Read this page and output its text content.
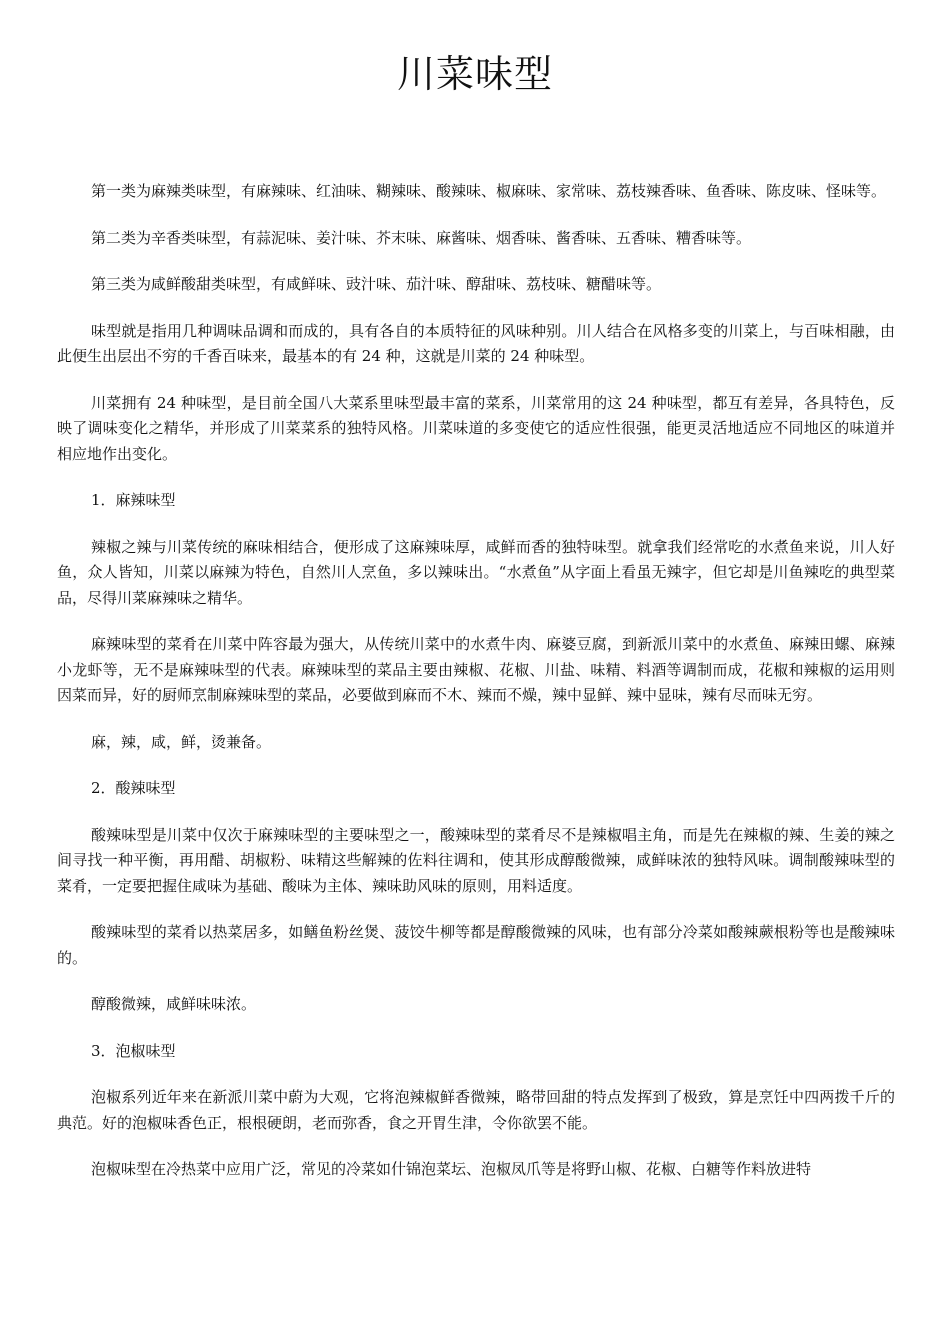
川菜味型

第一类为麻辣类味型，有麻辣味、红油味、糊辣味、酸辣味、椒麻味、家常味、荔枝辣香味、鱼香味、陈皮味、怪味等。

第二类为辛香类味型，有蒜泥味、姜汁味、芥末味、麻酱味、烟香味、酱香味、五香味、糟香味等。

第三类为咸鲜酸甜类味型，有咸鲜味、豉汁味、茄汁味、醇甜味、荔枝味、糖醋味等。

味型就是指用几种调味品调和而成的，具有各自的本质特征的风味种别。川人结合在风格多变的川菜上，与百味相融，由此便生出层出不穷的千香百味来，最基本的有 24 种，这就是川菜的 24 种味型。

川菜拥有 24 种味型，是目前全国八大菜系里味型最丰富的菜系，川菜常用的这 24 种味型，都互有差异，各具特色，反映了调味变化之精华，并形成了川菜菜系的独特风格。川菜味道的多变使它的适应性很强，能更灵活地适应不同地区的味道并相应地作出变化。

1．麻辣味型

辣椒之辣与川菜传统的麻味相结合，便形成了这麻辣味厚，咸鲜而香的独特味型。就拿我们经常吃的水煮鱼来说，川人好鱼，众人皆知，川菜以麻辣为特色，自然川人烹鱼，多以辣味出。“水煮鱼”从字面上看虽无辣字，但它却是川鱼辣吃的典型菜品，尽得川菜麻辣味之精华。

麻辣味型的菜肴在川菜中阵容最为强大，从传统川菜中的水煮牛肉、麻婆豆腐，到新派川菜中的水煮鱼、麻辣田螺、麻辣小龙虾等，无不是麻辣味型的代表。麻辣味型的菜品主要由辣椒、花椒、川盐、味精、料酒等调制而成，花椒和辣椒的运用则因菜而异，好的厨师烹制麻辣味型的菜品，必要做到麻而不木、辣而不燥，辣中显鲜、辣中显味，辣有尽而味无穷。

麻，辣，咸，鲜，烫兼备。

2．酸辣味型

酸辣味型是川菜中仅次于麻辣味型的主要味型之一，酸辣味型的菜肴尽不是辣椒唱主角，而是先在辣椒的辣、生姜的辣之间寻找一种平衡，再用醋、胡椒粉、味精这些解辣的佐料往调和，使其形成醇酸微辣，咸鲜味浓的独特风味。调制酸辣味型的菜肴，一定要把握住咸味为基础、酸味为主体、辣味助风味的原则，用料适度。

酸辣味型的菜肴以热菜居多，如鳝鱼粉丝煲、菠饺牛柳等都是醇酸微辣的风味，也有部分冷菜如酸辣蕨根粉等也是酸辣味的。

醇酸微辣，咸鲜味味浓。

3．泡椒味型

泡椒系列近年来在新派川菜中蔚为大观，它将泡辣椒鲜香微辣，略带回甜的特点发挥到了极致，算是烹饪中四两拨千斤的典范。好的泡椒味香色正，根根硬朗，老而弥香，食之开胃生津，令你欲罢不能。

泡椒味型在冷热菜中应用广泛，常见的冷菜如什锦泡菜坛、泡椒凤爪等是将野山椒、花椒、白糖等作料放进特
